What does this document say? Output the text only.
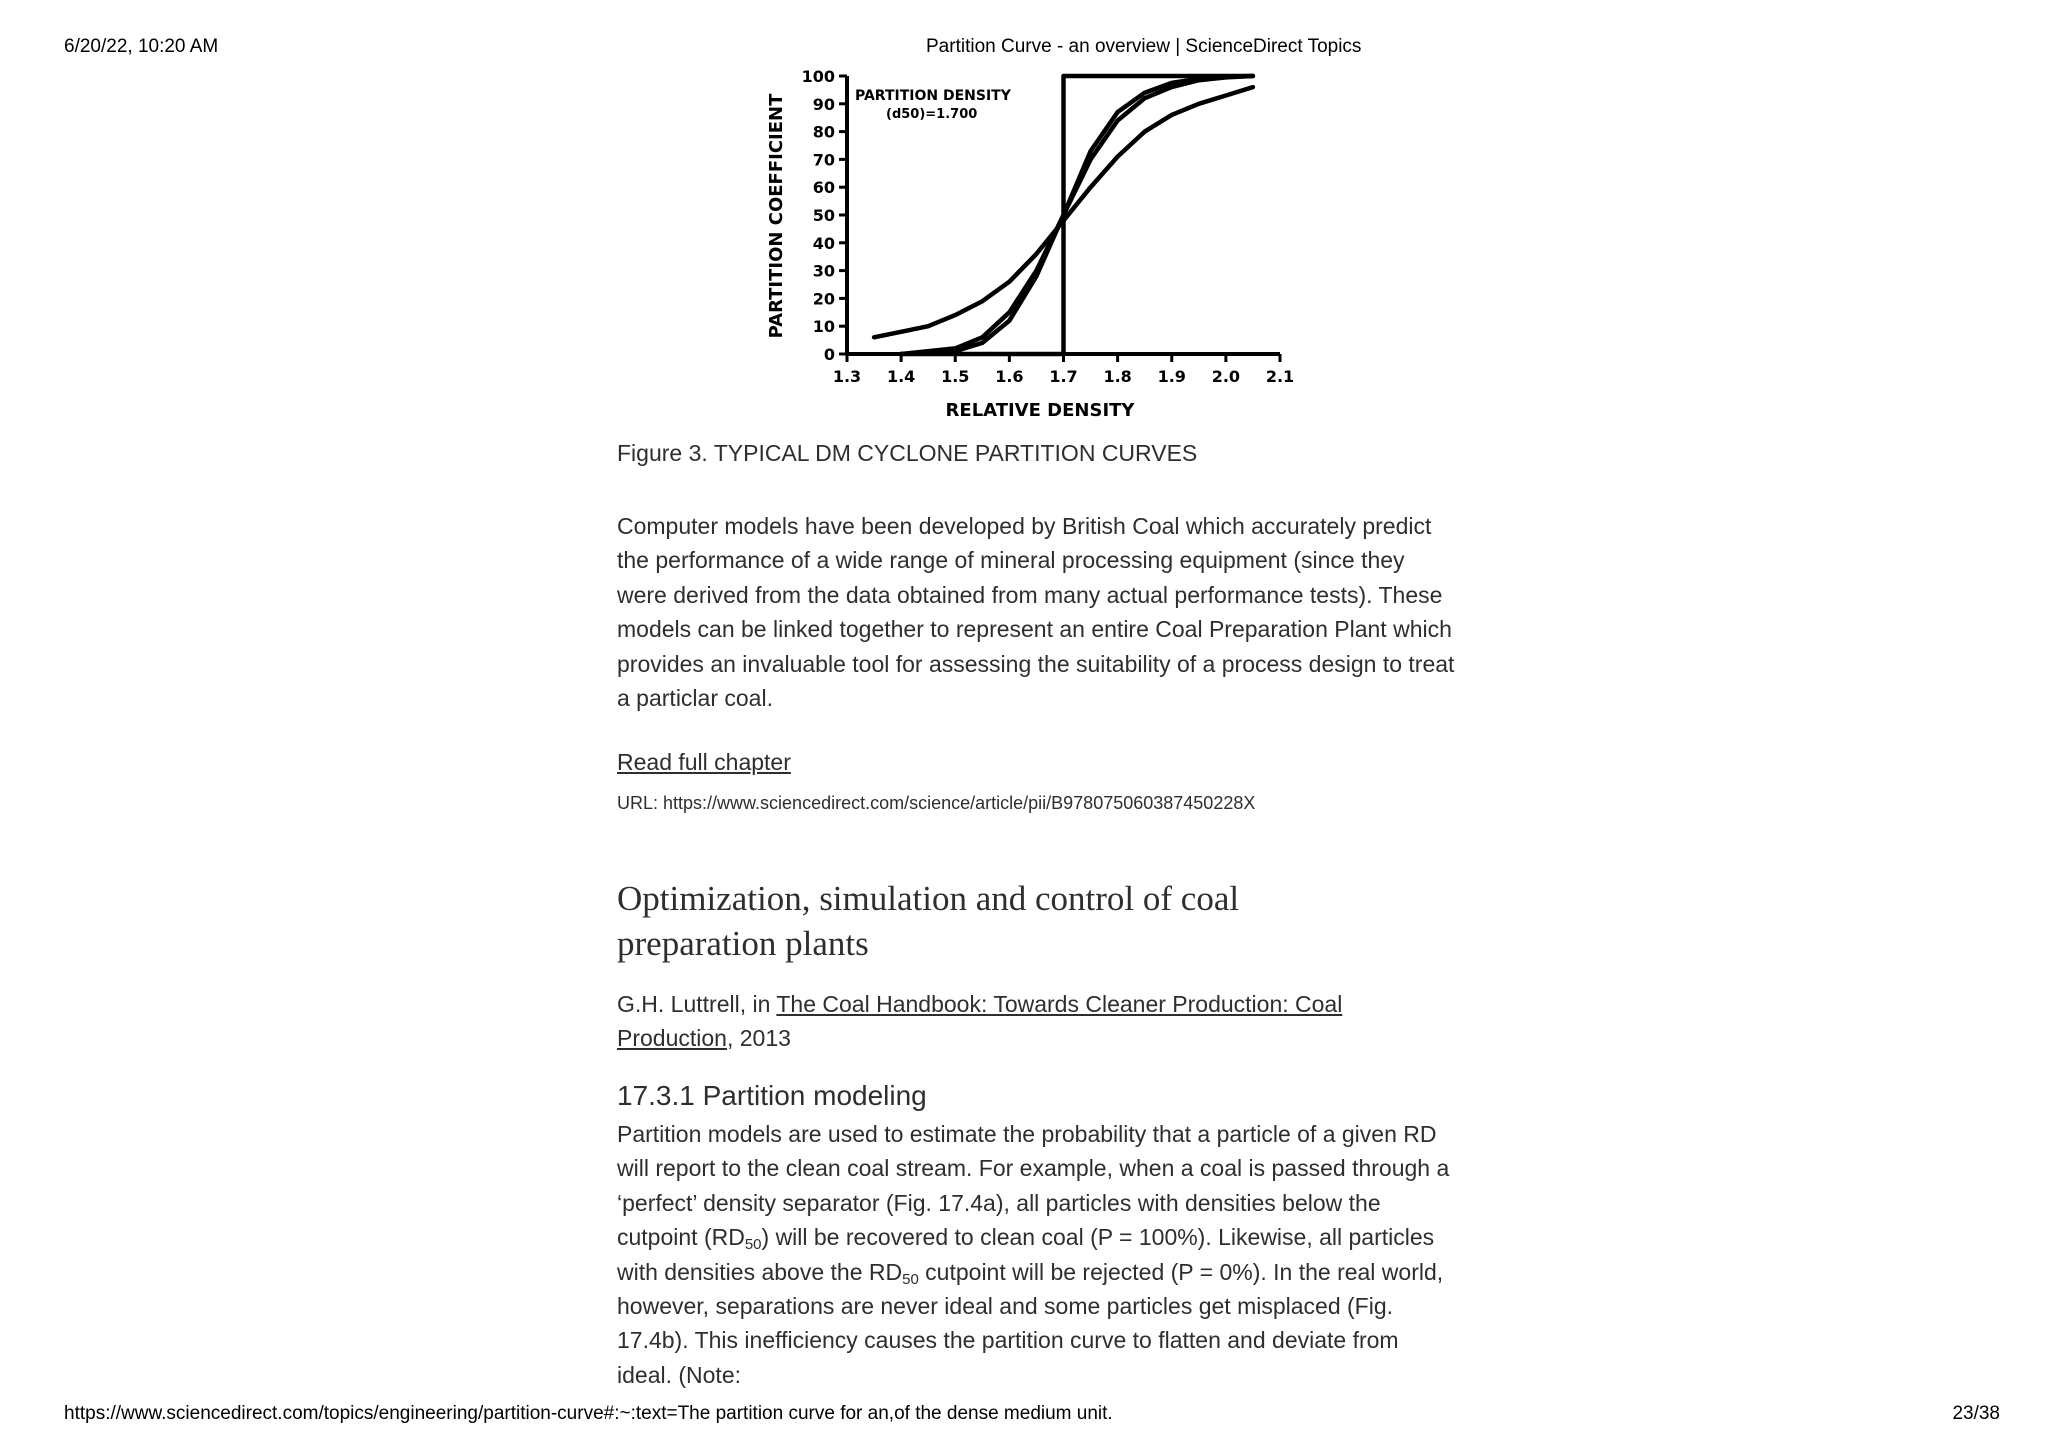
6/20/22, 10:20 AM	Partition Curve - an overview | ScienceDirect Topics
0
10
20
30
40
50
60
70
80
90
100
1.3 1.4 1.5 1.6 1.7 1.8 1.9 2.0 2.1
RELATIVE DENSITY
PARTITION COEFFICIENT	PARTITION DENSITY
(d50)=1.700
Figure 3. TYPICAL DM CYCLONE PARTITION CURVES
Computer models have been developed by British Coal which accurately predict the performance of a wide range of mineral processing equipment (since they were derived from the data obtained from many actual performance tests). These models can be linked together to represent an entire Coal Preparation Plant which provides an invaluable tool for assessing the suitability of a process design to treat a particlar coal.
Read full chapter
URL: https://www.sciencedirect.com/science/article/pii/B978075060387450228X
Optimization, simulation and control of coal preparation plants
G.H. Luttrell, in The Coal Handbook: Towards Cleaner Production: Coal Production, 2013
17.3.1 Partition modeling
Partition models are used to estimate the probability that a particle of a given RD will report to the clean coal stream. For example, when a coal is passed through a ‘perfect’ density separator (Fig. 17.4a), all particles with densities below the cutpoint $(RD_{50})$ will be recovered to clean coal (P = 100%). Likewise, all particles with densities above the $RD_{50}$ cutpoint will be rejected (P = 0%). In the real world, however, separations are never ideal and some particles get misplaced (Fig. 17.4b). This inefficiency causes the partition curve to flatten and deviate from ideal. (Note:
https://www.sciencedirect.com/topics/engineering/partition-curve#:~:text=The partition curve for an,of the dense medium unit.	23/38
